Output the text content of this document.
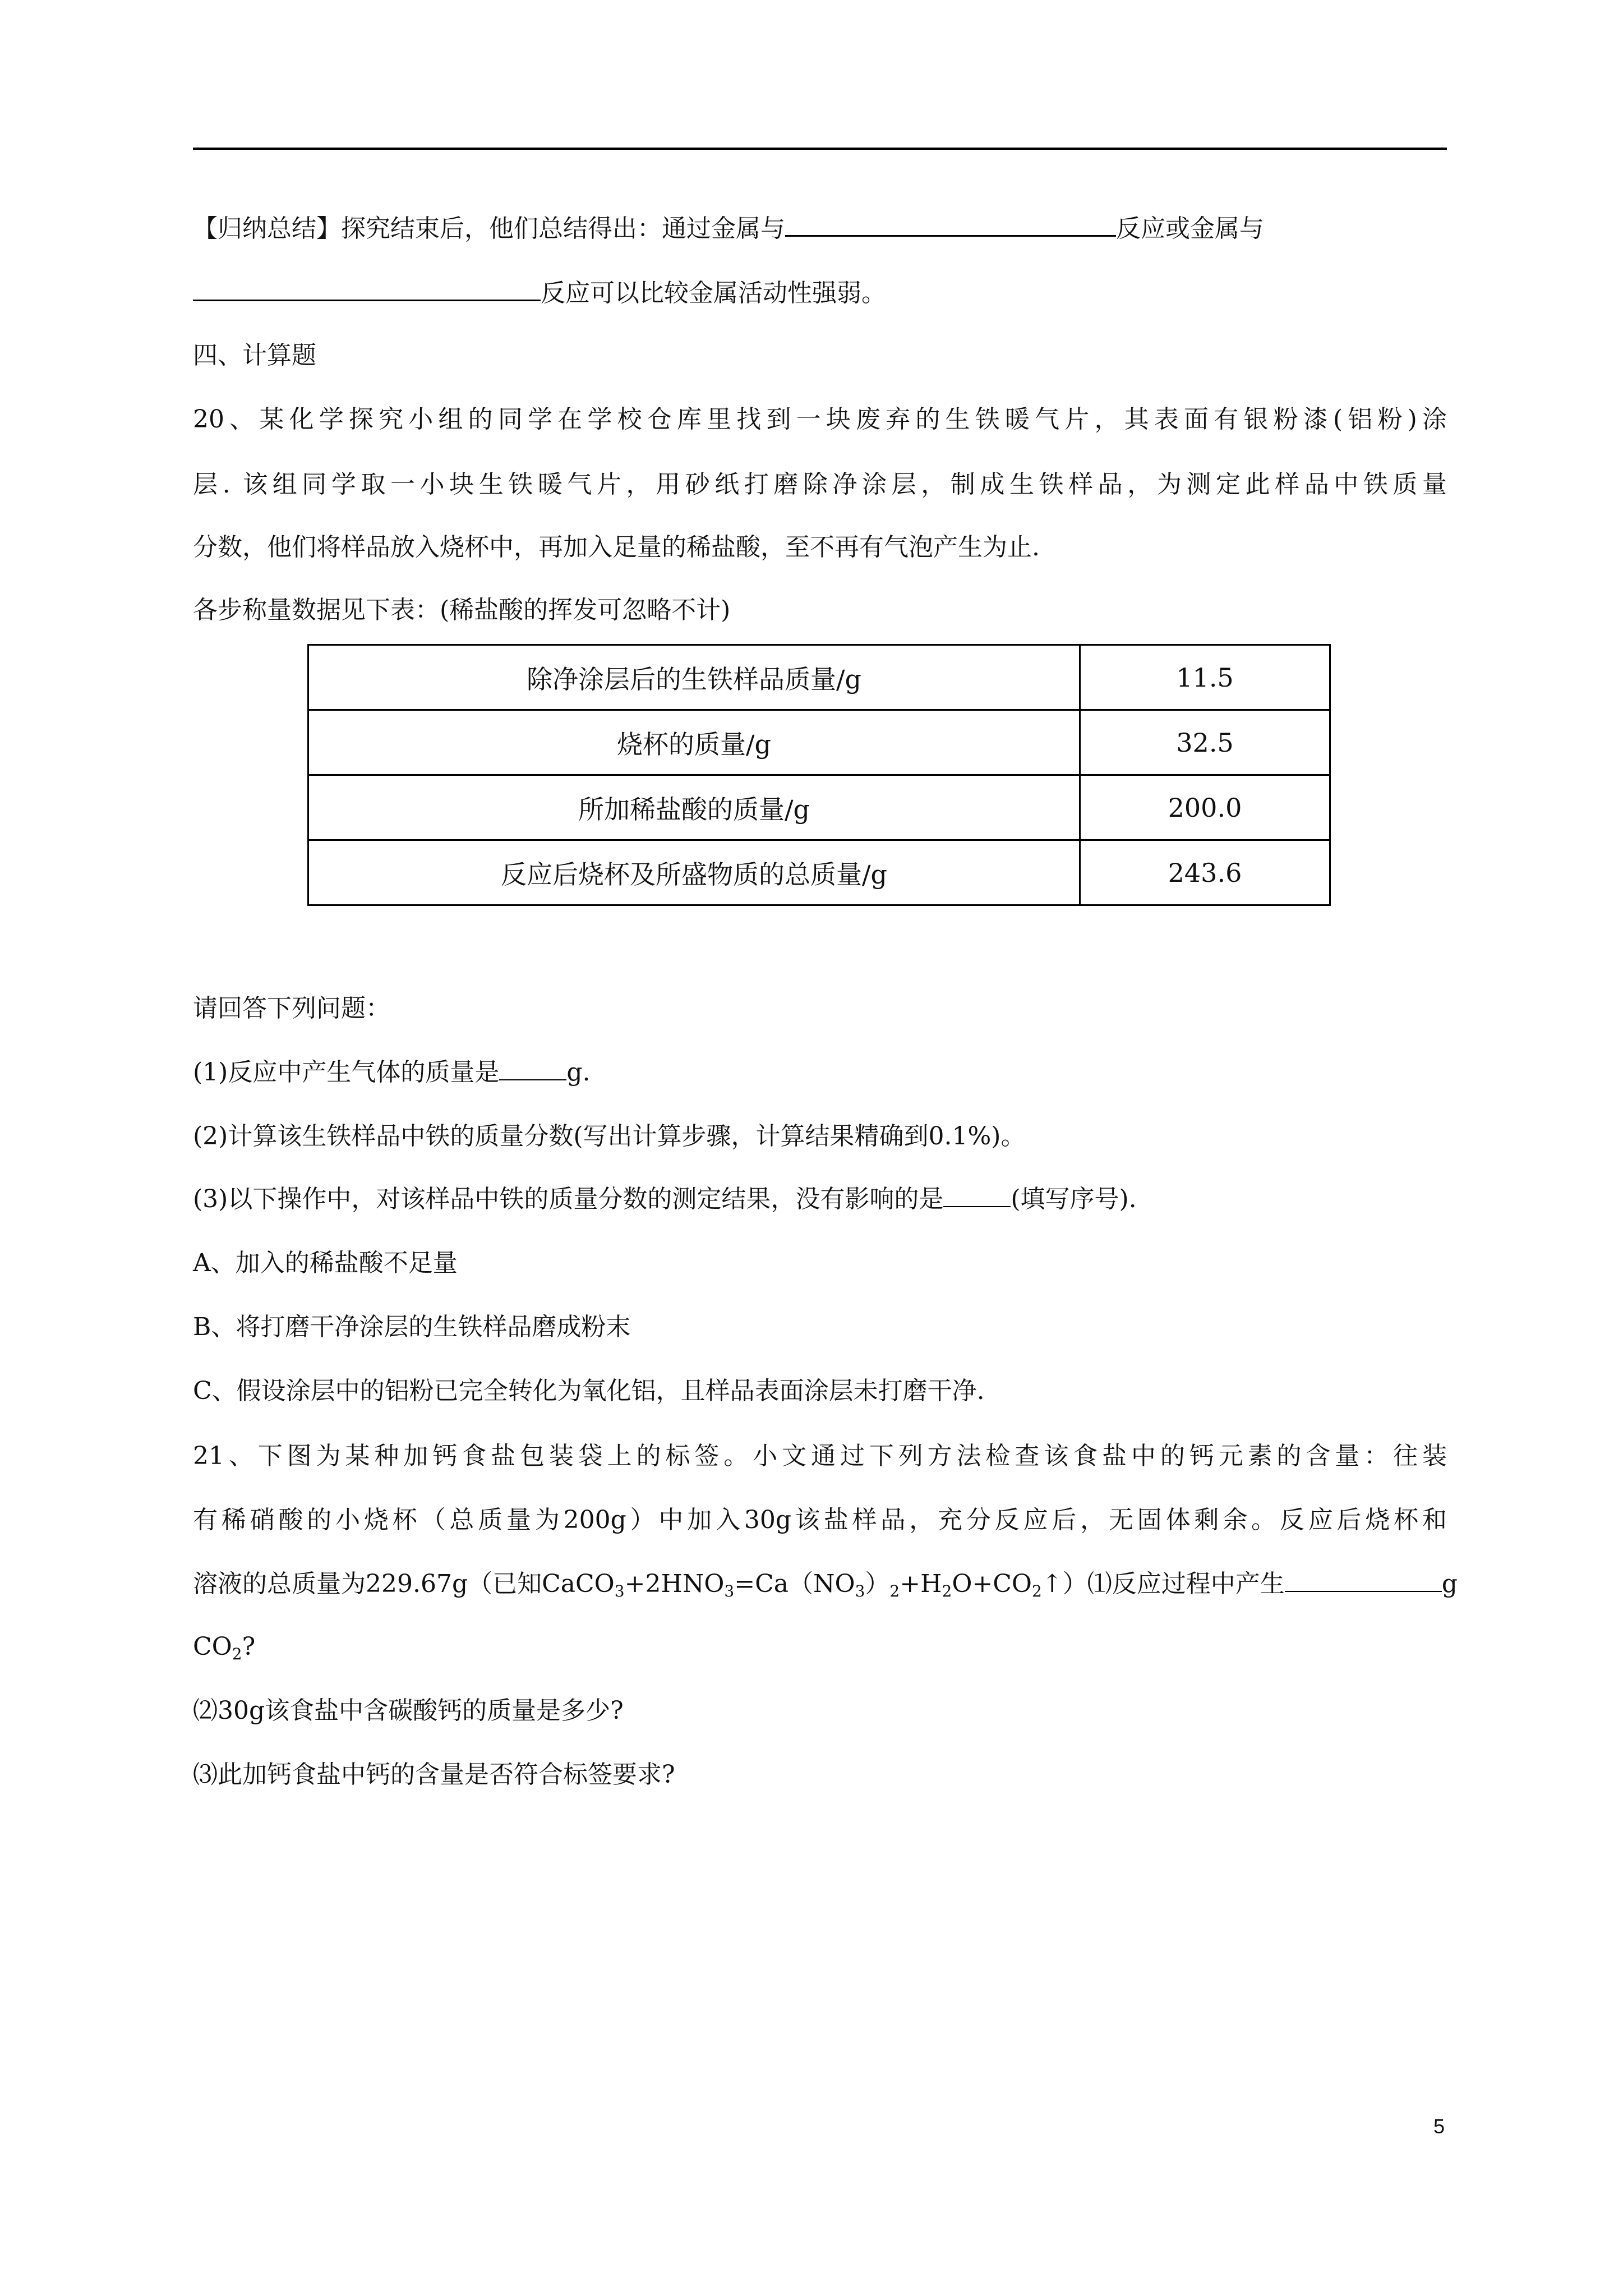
【归纳总结】探究结束后，他们总结得出：通过金属与	反应或金属与
反应可以比较金属活动性强弱。
四、计算题
20、某化学探究小组的同学在学校仓库里找到一块废弃的生铁暖气片，其表面有银粉漆(铝粉)涂
层. 该组同学取一小块生铁暖气片，用砂纸打磨除净涂层，制成生铁样品，为测定此样品中铁质量
分数，他们将样品放入烧杯中，再加入足量的稀盐酸，至不再有气泡产生为止.
各步称量数据见下表：(稀盐酸的挥发可忽略不计)
除净涂层后的生铁样品质量/g	11.5
烧杯的质量/g	32.5
所加稀盐酸的质量/g	200.0
反应后烧杯及所盛物质的总质量/g	243.6
请回答下列问题：
(1)反应中产生气体的质量是	g.
(2)计算该生铁样品中铁的质量分数(写出计算步骤，计算结果精确到0.1%)。
(3)以下操作中，对该样品中铁的质量分数的测定结果，没有影响的是	(填写序号).
A、加入的稀盐酸不足量
B、将打磨干净涂层的生铁样品磨成粉末
C、假设涂层中的铝粉已完全转化为氧化铝，且样品表面涂层未打磨干净.
21、下图为某种加钙食盐包装袋上的标签。小文通过下列方法检查该食盐中的钙元素的含量：往装
有稀硝酸的小烧杯（总质量为200g）中加入30g该盐样品，充分反应后，无固体剩余。反应后烧杯和
溶液的总质量为229.67g（已知$CaCO_3+2HNO_3=Ca(NO_3)_2+H_2O+CO_2↑)⑴$反应过程中产生	g
$CO_2$?
⑵30g该食盐中含碳酸钙的质量是多少?
⑶此加钙食盐中钙的含量是否符合标签要求?
5
